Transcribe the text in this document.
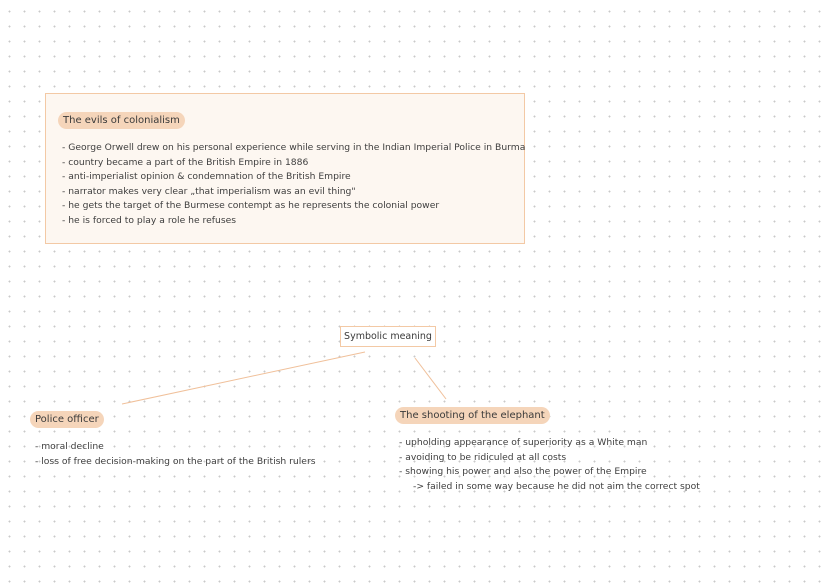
The evils of colonialism
- George Orwell drew on his personal experience while serving in the Indian Imperial Police in Burma
- country became a part of the British Empire in 1886
- anti-imperialist opinion & condemnation of the British Empire
- narrator makes very clear „that imperialism was an evil thing"
- he gets the target of the Burmese contempt as he represents the colonial power
- he is forced to play a role he refuses
Symbolic meaning
Police officer
- moral decline
- loss of free decision-making on the part of the British rulers
The shooting of the elephant
- upholding appearance of superiority as a White man
- avoiding to be ridiculed at all costs
- showing his power and also the power of the Empire
-> failed in some way because he did not aim the correct spot
